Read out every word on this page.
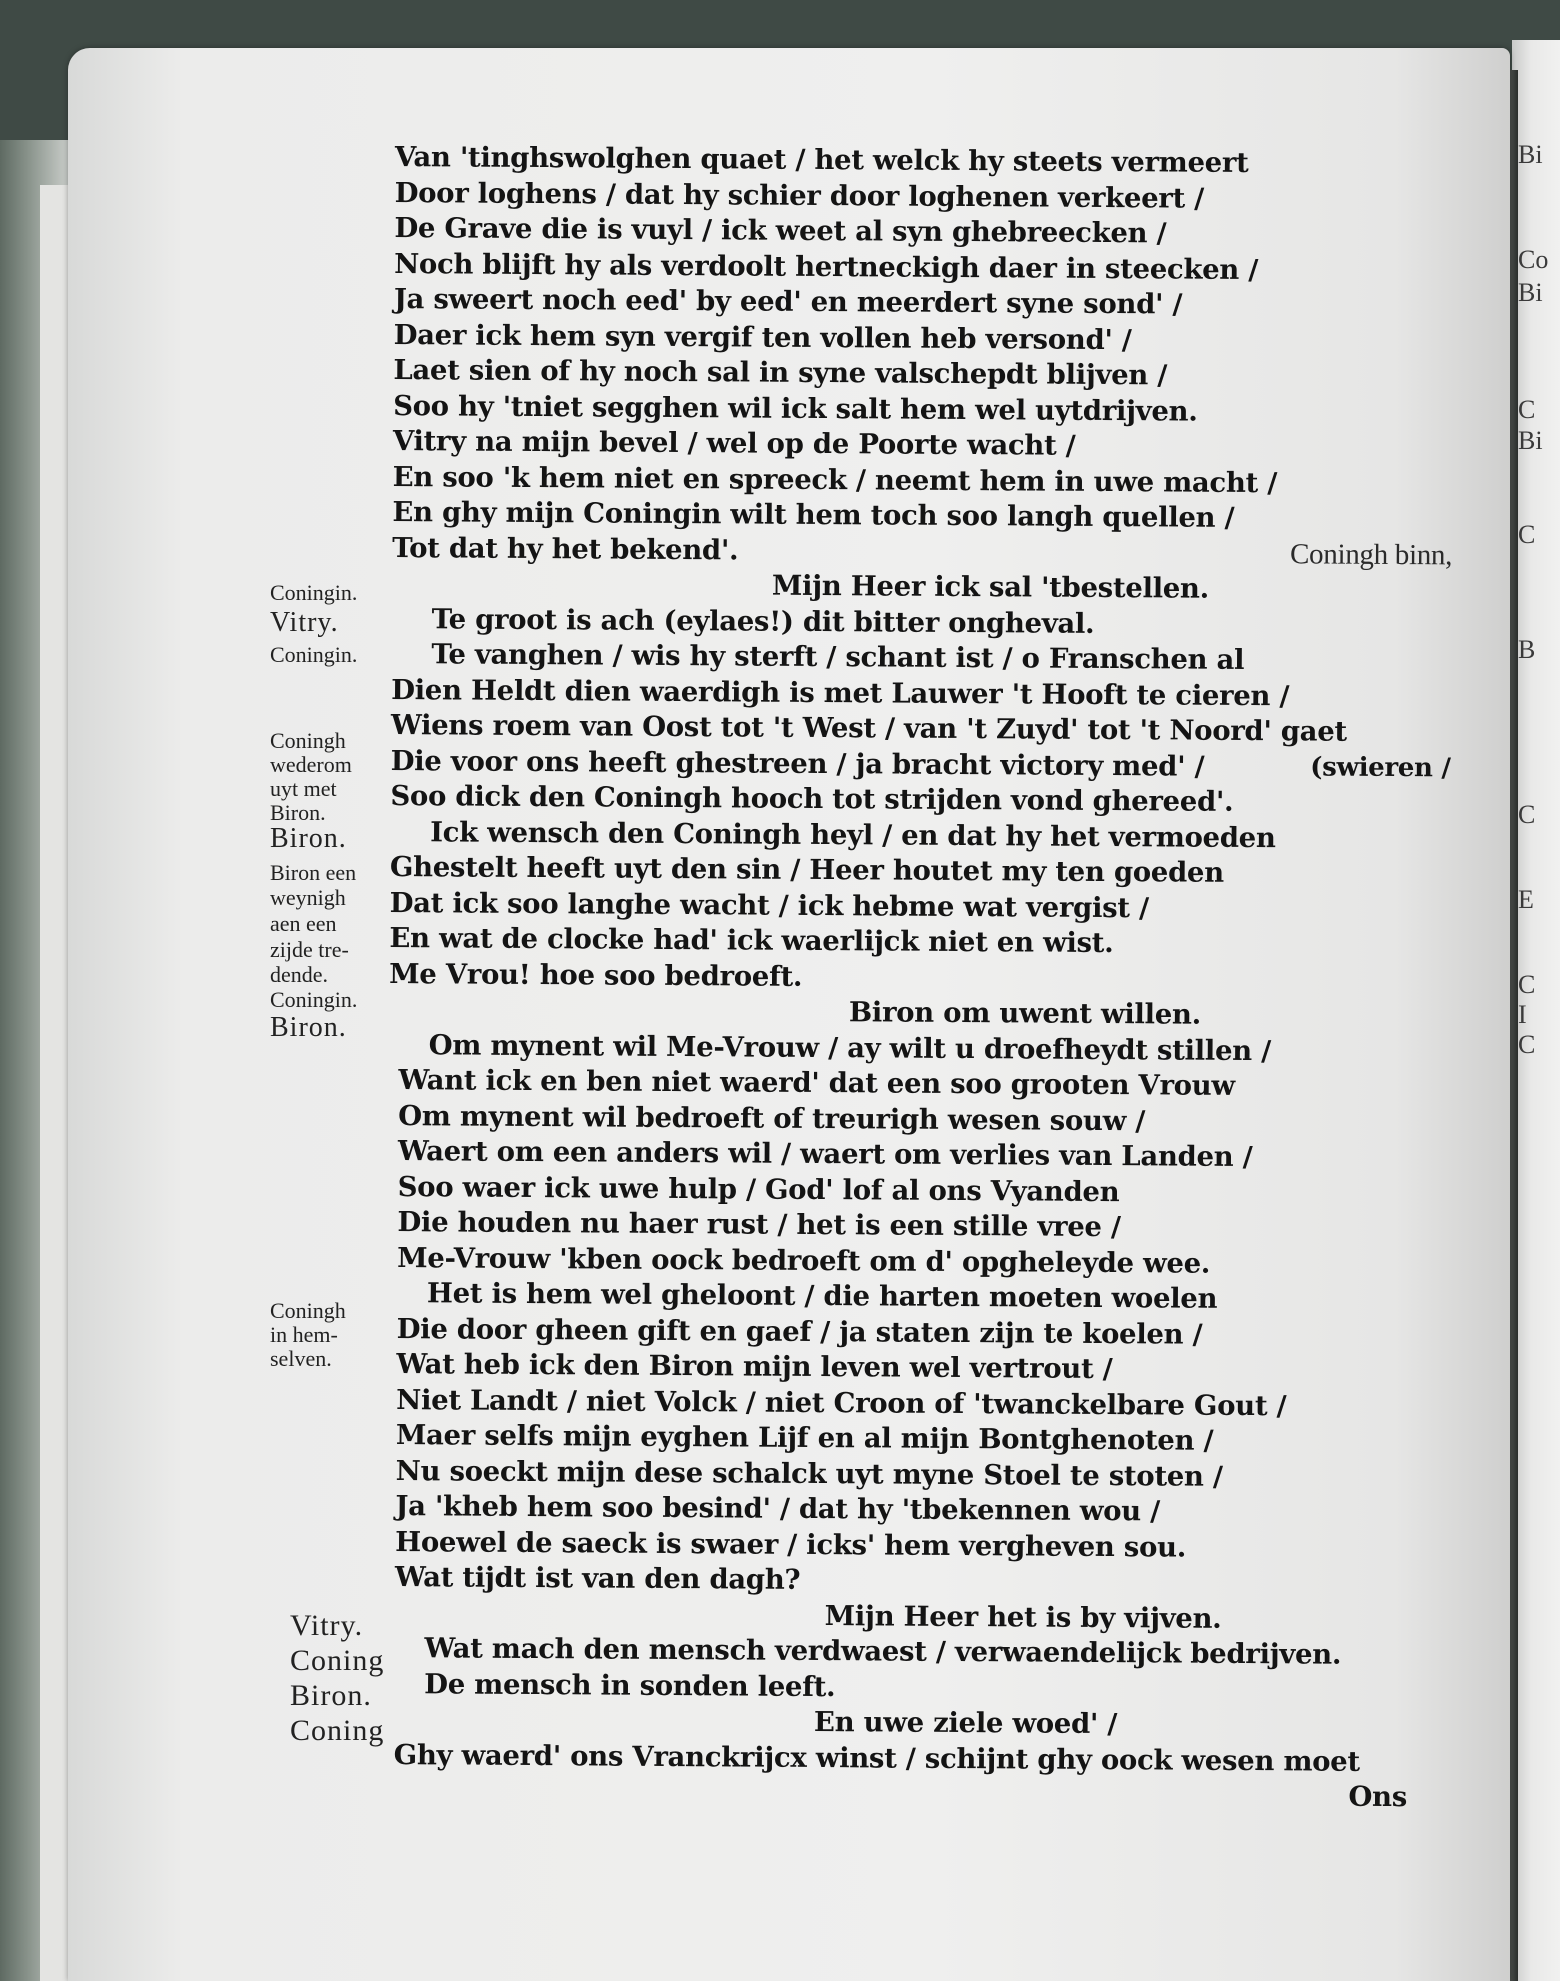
Bi
Co
Bi
C
Bi
C
B
C
E
C
I
C
Van 'tinghswolghen quaet / het welck hy steets vermeert
Door loghens / dat hy schier door loghenen verkeert /
De Grave die is vuyl / ick weet al syn ghebreecken /
Noch blijft hy als verdoolt hertneckigh daer in steecken /
Ja sweert noch eed' by eed' en meerdert syne sond' /
Daer ick hem syn vergif ten vollen heb versond' /
Laet sien of hy noch sal in syne valschepdt blijven /
Soo hy 'tniet segghen wil ick salt hem wel uytdrijven.
Vitry na mijn bevel / wel op de Poorte wacht /
En soo 'k hem niet en spreeck / neemt hem in uwe macht /
En ghy mijn Coningin wilt hem toch soo langh quellen /
Tot dat hy het bekend'.	Coningh binn,
Mijn Heer ick sal 'tbestellen.
Te groot is ach (eylaes!) dit bitter ongheval.
Te vanghen / wis hy sterft / schant ist / o Franschen al
Dien Heldt dien waerdigh is met Lauwer 't Hooft te cieren /
Wiens roem van Oost tot 't West / van 't Zuyd' tot 't Noord' gaet
Die voor ons heeft ghestreen / ja bracht victory med' /	(swieren /
Soo dick den Coningh hooch tot strijden vond ghereed'.
Ick wensch den Coningh heyl / en dat hy het vermoeden
Ghestelt heeft uyt den sin / Heer houtet my ten goeden
Dat ick soo langhe wacht / ick hebme wat vergist /
En wat de clocke had' ick waerlijck niet en wist.
Me Vrou! hoe soo bedroeft.
Biron om uwent willen.
Om mynent wil Me-Vrouw / ay wilt u droefheydt stillen /
Want ick en ben niet waerd' dat een soo grooten Vrouw
Om mynent wil bedroeft of treurigh wesen souw /
Waert om een anders wil / waert om verlies van Landen /
Soo waer ick uwe hulp / God' lof al ons Vyanden
Die houden nu haer rust / het is een stille vree /
Me-Vrouw 'kben oock bedroeft om d' opgheleyde wee.
Het is hem wel gheloont / die harten moeten woelen
Die door gheen gift en gaef / ja staten zijn te koelen /
Wat heb ick den Biron mijn leven wel vertrout /
Niet Landt / niet Volck / niet Croon of 'twanckelbare Gout /
Maer selfs mijn eyghen Lijf en al mijn Bontghenoten /
Nu soeckt mijn dese schalck uyt myne Stoel te stoten /
Ja 'kheb hem soo besind' / dat hy 'tbekennen wou /
Hoewel de saeck is swaer / icks' hem vergheven sou.
Wat tijdt ist van den dagh?
Mijn Heer het is by vijven.
Wat mach den mensch verdwaest / verwaendelijck bedrijven.
De mensch in sonden leeft.
En uwe ziele woed' /
Ghy waerd' ons Vranckrijcx winst / schijnt ghy oock wesen moet
Ons
Coningin.
Vitry.
Coningin.
Coningh
wederom
uyt met
Biron.
Biron.
Biron een
weynigh
aen een
zijde tre-
dende.
Coningin.
Biron.
Coningh
in hem-
selven.
Vitry.
Coning
Biron.
Coning
